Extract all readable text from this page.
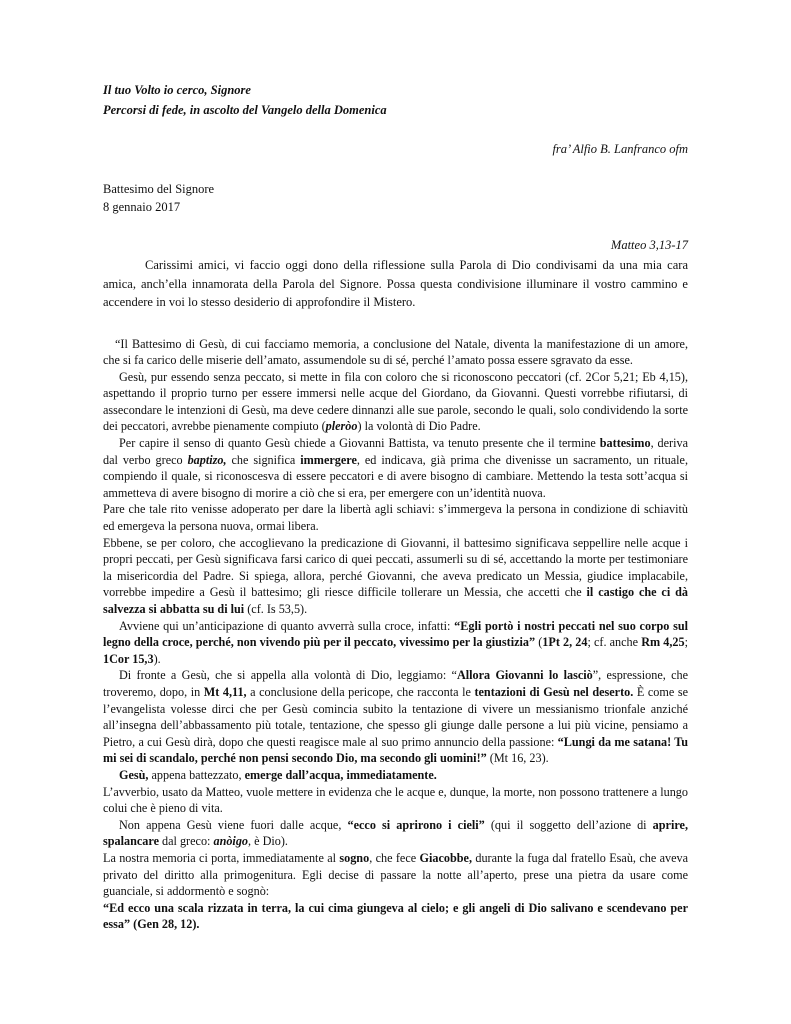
Il tuo Volto io cerco, Signore

Percorsi di fede, in ascolto del Vangelo della Domenica

fra’ Alfio B. Lanfranco ofm

Battesimo del Signore
8 gennaio 2017

Matteo 3,13-17

Carissimi amici, vi faccio oggi dono della riflessione sulla Parola di Dio condivisami da una mia cara amica, anch’ella innamorata della Parola del Signore. Possa questa condivisione illuminare il vostro cammino e accendere in voi lo stesso desiderio di approfondire il Mistero.

“Il Battesimo di Gesù, di cui facciamo memoria, a conclusione del Natale, diventa la manifestazione di un amore, che si fa carico delle miserie dell’amato, assumendole su di sé, perché l’amato possa essere sgravato da esse.

Gesù, pur essendo senza peccato, si mette in fila con coloro che si riconoscono peccatori (cf. 2Cor 5,21; Eb 4,15), aspettando il proprio turno per essere immersi nelle acque del Giordano, da Giovanni. Questi vorrebbe rifiutarsi, di assecondare le intenzioni di Gesù, ma deve cedere dinnanzi alle sue parole, secondo le quali, solo condividendo la sorte dei peccatori, avrebbe pienamente compiuto (pleròo) la volontà di Dio Padre.

Per capire il senso di quanto Gesù chiede a Giovanni Battista, va tenuto presente che il termine battesimo, deriva dal verbo greco baptizo, che significa immergere, ed indicava, già prima che divenisse un sacramento, un rituale, compiendo il quale, si riconoscesva di essere peccatori e di avere bisogno di cambiare. Mettendo la testa sott’acqua si ammetteva di avere bisogno di morire a ciò che si era, per emergere con un’identità nuova.

Pare che tale rito venisse adoperato per dare la libertà agli schiavi: s’immergeva la persona in condizione di schiavitù ed emergeva la persona nuova, ormai libera.

Ebbene, se per coloro, che accoglievano la predicazione di Giovanni, il battesimo significava seppellire nelle acque i propri peccati, per Gesù significava farsi carico di quei peccati, assumerli su di sé, accettando la morte per testimoniare la misericordia del Padre. Si spiega, allora, perché Giovanni, che aveva predicato un Messia, giudice implacabile, vorrebbe impedire a Gesù il battesimo; gli riesce difficile tollerare un Messia, che accetti che il castigo che ci dà salvezza si abbatta su di lui (cf. Is 53,5).

Avviene qui un’anticipazione di quanto avverrà sulla croce, infatti: “Egli portò i nostri peccati nel suo corpo sul legno della croce, perché, non vivendo più per il peccato, vivessimo per la giustizia” (1Pt 2, 24; cf. anche Rm 4,25; 1Cor 15,3).

Di fronte a Gesù, che si appella alla volontà di Dio, leggiamo: “Allora Giovanni lo lasciò”, espressione, che troveremo, dopo, in Mt 4,11, a conclusione della pericope, che racconta le tentazioni di Gesù nel deserto. È come se l’evangelista volesse dirci che per Gesù comincia subito la tentazione di vivere un messianismo trionfale anziché all’insegna dell’abbassamento più totale, tentazione, che spesso gli giunge dalle persone a lui più vicine, pensiamo a Pietro, a cui Gesù dirà, dopo che questi reagisce male al suo primo annuncio della passione: “Lungi da me satana! Tu mi sei di scandalo, perché non pensi secondo Dio, ma secondo gli uomini!” (Mt 16, 23).

Gesù, appena battezzato, emerge dall’acqua, immediatamente.

L’avverbio, usato da Matteo, vuole mettere in evidenza che le acque e, dunque, la morte, non possono trattenere a lungo colui che è pieno di vita.

Non appena Gesù viene fuori dalle acque, “ecco si aprirono i cieli” (qui il soggetto dell’azione di aprire, spalancare dal greco: anòigo, è Dio).

La nostra memoria ci porta, immediatamente al sogno, che fece Giacobbe, durante la fuga dal fratello Esaù, che aveva privato del diritto alla primogenitura. Egli decise di passare la notte all’aperto, prese una pietra da usare come guanciale, si addormentò e sognò:

“Ed ecco una scala rizzata in terra, la cui cima giungeva al cielo; e gli angeli di Dio salivano e scendevano per essa” (Gen 28, 12).
